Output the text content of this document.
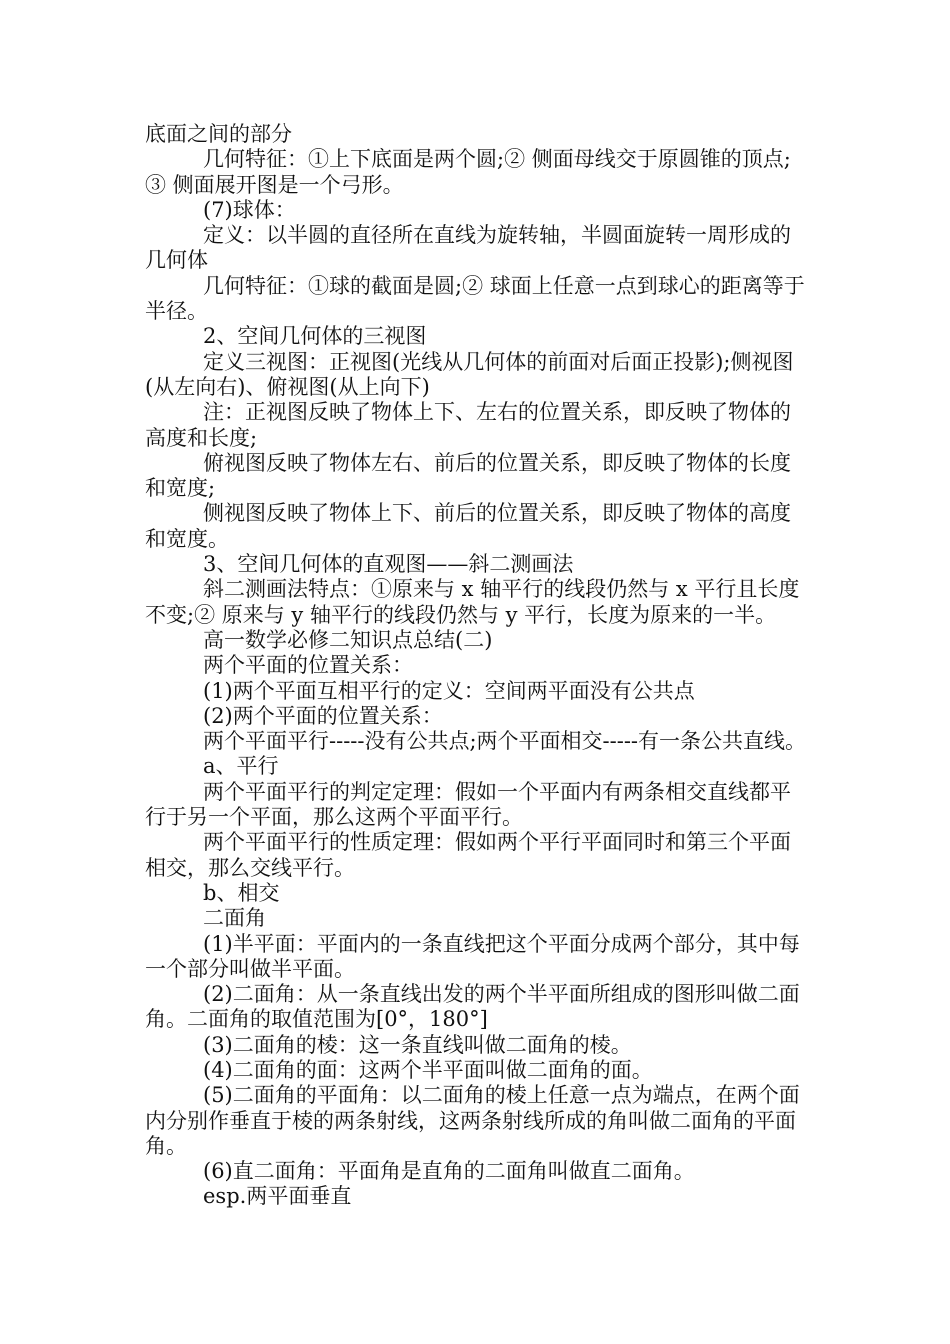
底面之间的部分

几何特征：①上下底面是两个圆;② 侧面母线交于原圆锥的顶点;③ 侧面展开图是一个弓形。

(7)球体：

定义：以半圆的直径所在直线为旋转轴，半圆面旋转一周形成的几何体

几何特征：①球的截面是圆;② 球面上任意一点到球心的距离等于半径。

2、空间几何体的三视图

定义三视图：正视图(光线从几何体的前面对后面正投影);侧视图(从左向右)、俯视图(从上向下)

注：正视图反映了物体上下、左右的位置关系，即反映了物体的高度和长度;

俯视图反映了物体左右、前后的位置关系，即反映了物体的长度和宽度;

侧视图反映了物体上下、前后的位置关系，即反映了物体的高度和宽度。

3、空间几何体的直观图——斜二测画法

斜二测画法特点：①原来与 x 轴平行的线段仍然与 x 平行且长度不变;② 原来与 y 轴平行的线段仍然与 y 平行，长度为原来的一半。

高一数学必修二知识点总结(二)

两个平面的位置关系：

(1)两个平面互相平行的定义：空间两平面没有公共点

(2)两个平面的位置关系：

两个平面平行-----没有公共点;两个平面相交-----有一条公共直线。

a、平行

两个平面平行的判定定理：假如一个平面内有两条相交直线都平行于另一个平面，那么这两个平面平行。

两个平面平行的性质定理：假如两个平行平面同时和第三个平面相交，那么交线平行。

b、相交

二面角

(1)半平面：平面内的一条直线把这个平面分成两个部分，其中每一个部分叫做半平面。

(2)二面角：从一条直线出发的两个半平面所组成的图形叫做二面角。二面角的取值范围为[0°，180°]

(3)二面角的棱：这一条直线叫做二面角的棱。

(4)二面角的面：这两个半平面叫做二面角的面。

(5)二面角的平面角：以二面角的棱上任意一点为端点，在两个面内分别作垂直于棱的两条射线，这两条射线所成的角叫做二面角的平面角。

(6)直二面角：平面角是直角的二面角叫做直二面角。

esp.两平面垂直
